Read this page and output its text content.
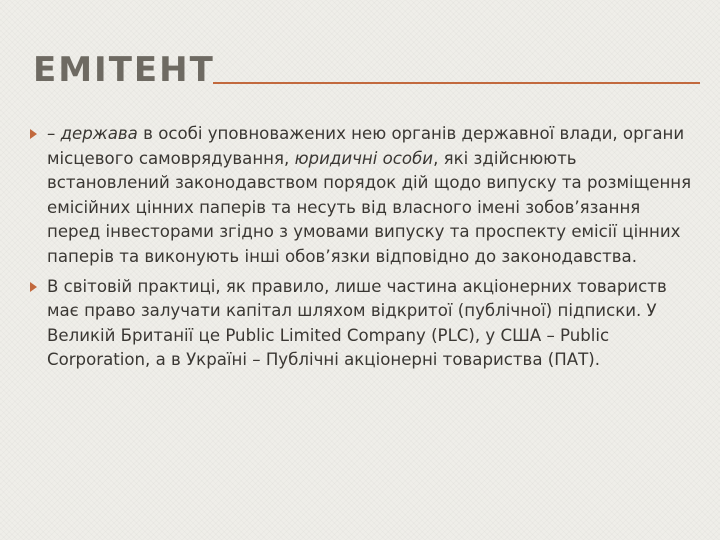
ЕМІТЕНТ
– держава в особі уповноважених нею органів державної влади, органи місцевого самоврядування, юридичні особи, які здійснюють встановлений законодавством порядок дій щодо випуску та розміщення емісійних цінних паперів та несуть від власного імені зобов’язання перед інвесторами згідно з умовами випуску та проспекту емісії цінних паперів та виконують інші обов’язки відповідно до законодавства.
В світовій практиці, як правило, лише частина акціонерних товариств має право залучати капітал шляхом відкритої (публічної) підписки. У Великій Британії це Public Limited Company (PLC), у США – Public Corporation, а в Україні – Публічні акціонерні товариства (ПАТ).
